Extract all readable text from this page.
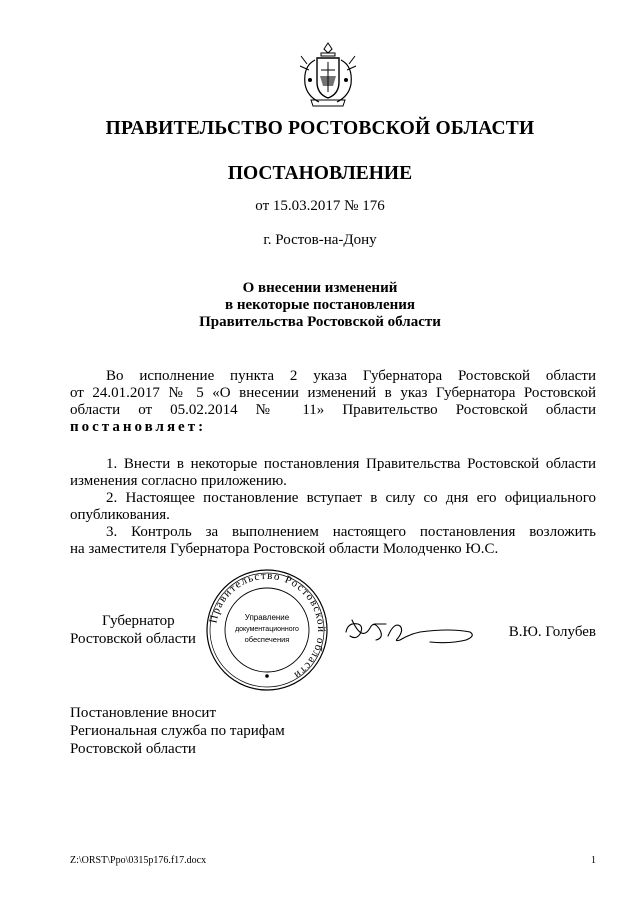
ПРАВИТЕЛЬСТВО РОСТОВСКОЙ ОБЛАСТИ
ПОСТАНОВЛЕНИЕ
от 15.03.2017 № 176
г. Ростов-на-Дону
О внесении изменений
в некоторые постановления
Правительства Ростовской области
Во исполнение пункта 2 указа Губернатора Ростовской области
от 24.01.2017 № 5 «О внесении изменений в указ Губернатора Ростовской
области от 05.02.2014 № 11» Правительство Ростовской области
постановляет:
1. Внести в некоторые постановления Правительства Ростовской области
изменения согласно приложению.
2. Настоящее постановление вступает в силу со дня его официального
опубликования.
3. Контроль за выполнением настоящего постановления возложить
на заместителя Губернатора Ростовской области Молодченко Ю.С.
Губернатор
Ростовской области
Правительство Ростовской области
Управление
документационного
обеспечения	В.Ю. Голубев
Постановление вносит
Региональная служба по тарифам
Ростовской области
Z:\ORST\Ppo\0315p176.f17.docx	1
